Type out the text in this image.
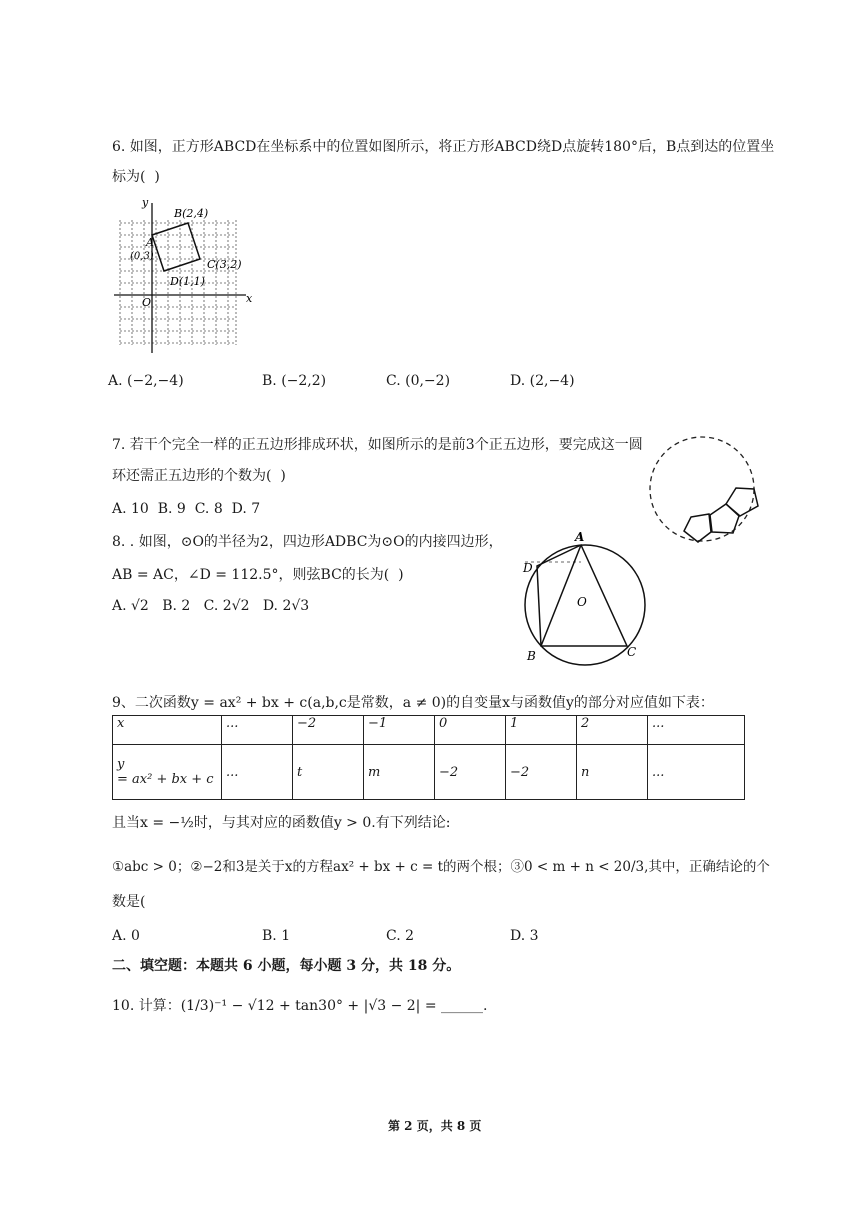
6. 如图，正方形ABCD在坐标系中的位置如图所示，将正方形ABCD绕D点旋转180°后，B点到达的位置坐
标为(  )
y
x
O
B(2,4)
A
(0,3)
C(3,2)
D(1,1)
A. (−2,−4)	B. (−2,2)	C. (0,−2)	D. (2,−4)
7. 若干个完全一样的正五边形排成环状，如图所示的是前3个正五边形，要完成这一圆
环还需正五边形的个数为(  )
A. 10  B. 9  C. 8  D. 7
8. . 如图，⊙O的半径为2，四边形ADBC为⊙O的内接四边形，
AB = AC，∠D = 112.5°，则弦BC的长为(  )
A. √2   B. 2   C. 2√2   D. 2√3
A
D
O
B	C
9、二次函数y = ax² + bx + c(a,b,c是常数，a ≠ 0)的自变量x与函数值y的部分对应值如下表：
x	...	−2	−1	0	1	2	...

y
= ax² + bx + c	...	t	m	−2	−2	n	...
且当x = −½时，与其对应的函数值y > 0.有下列结论:
①abc > 0；②−2和3是关于x的方程ax² + bx + c = t的两个根；③0 < m + n < 20/3,其中，正确结论的个
数是(
A. 0	B. 1	C. 2	D. 3
二、填空题：本题共 6 小题，每小题 3 分，共 18 分。
10. 计算：(1/3)⁻¹ − √12 + tan30° + |√3 − 2| = ______.
第 2 页，共 8 页
